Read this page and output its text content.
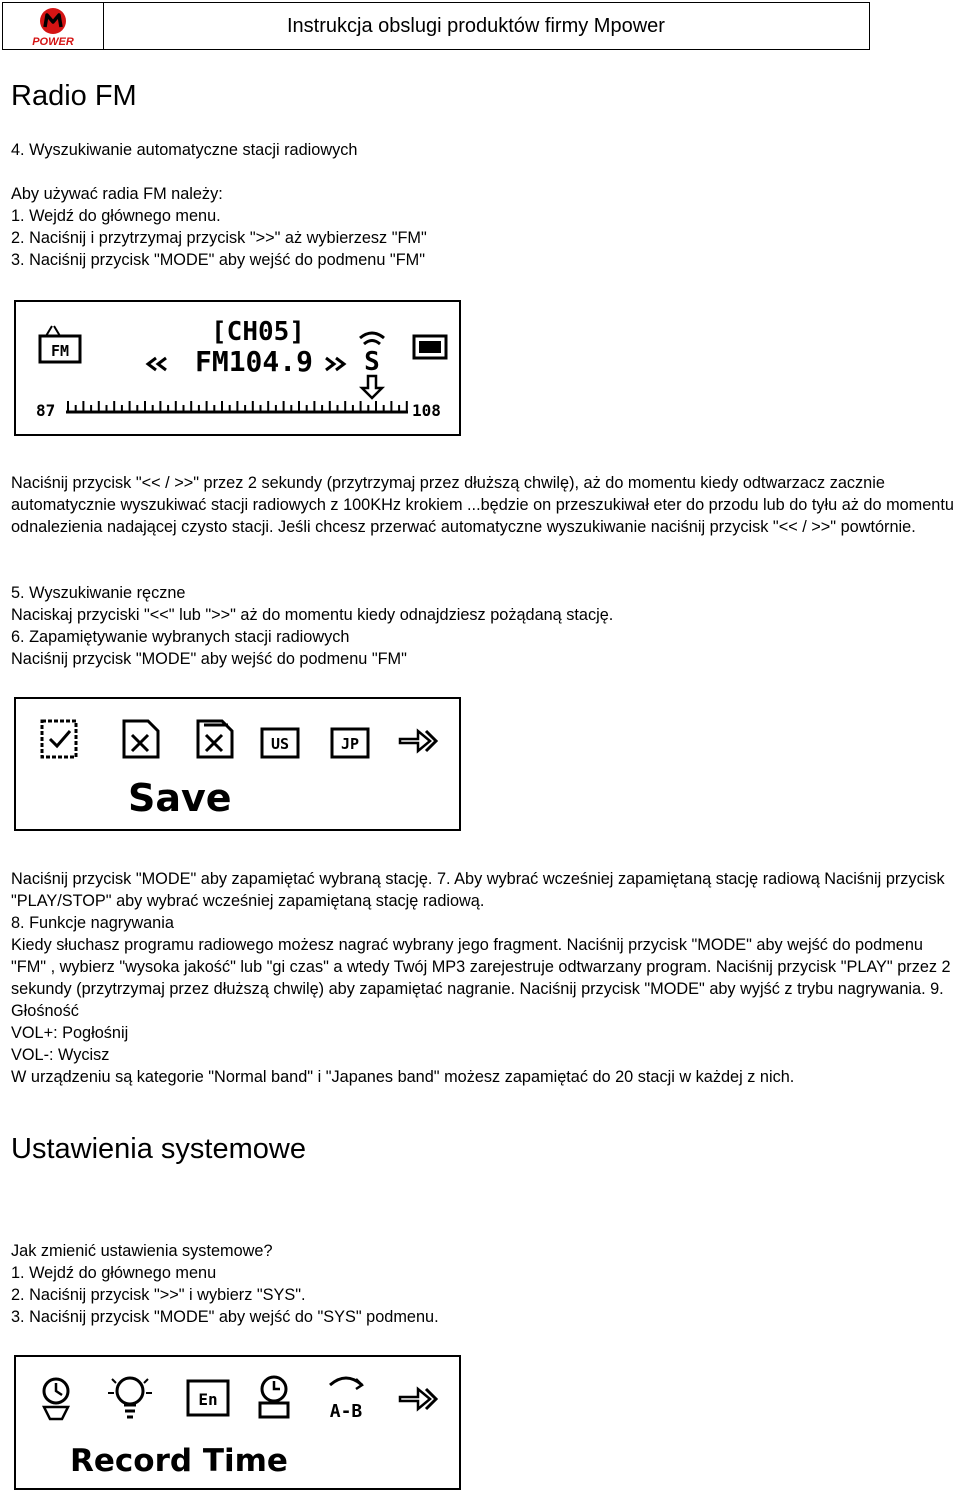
POWER
Instrukcja obslugi produktów firmy Mpower
Radio FM
4. Wyszukiwanie automatyczne stacji radiowych
Aby używać radia FM należy:
1. Wejdź do głównego menu.
2. Naciśnij i przytrzymaj przycisk ">>" aż wybierzesz "FM"
3. Naciśnij przycisk "MODE" aby wejść do podmenu "FM"
FM
[CH05]
FM104.9 S
87	108
Naciśnij przycisk "<< / >>" przez 2 sekundy (przytrzymaj przez dłuższą chwilę), aż do momentu kiedy odtwarzacz zacznie automatycznie wyszukiwać stacji radiowych z 100KHz krokiem ...będzie on przeszukiwał eter do przodu lub do tyłu aż do momentu odnalezienia nadającej czysto stacji. Jeśli chcesz przerwać automatyczne wyszukiwanie naciśnij przycisk "<< / >>" powtórnie.
5. Wyszukiwanie ręczne
Naciskaj przyciski "<<" lub ">>" aż do momentu kiedy odnajdziesz pożądaną stację.
6. Zapamiętywanie wybranych stacji radiowych
Naciśnij przycisk "MODE" aby wejść do podmenu "FM"
US	JP
Save
Naciśnij przycisk "MODE" aby zapamiętać wybraną stację. 7. Aby wybrać wcześniej zapamiętaną stację radiową Naciśnij przycisk "PLAY/STOP" aby wybrać wcześniej zapamiętaną stację radiową.
8. Funkcje nagrywania
Kiedy słuchasz programu radiowego możesz nagrać wybrany jego fragment. Naciśnij przycisk "MODE" aby wejść do podmenu "FM" , wybierz "wysoka jakość" lub "gi czas" a wtedy Twój MP3 zarejestruje odtwarzany program. Naciśnij przycisk "PLAY" przez 2 sekundy (przytrzymaj przez dłuższą chwilę) aby zapamiętać nagranie. Naciśnij przycisk "MODE" aby wyjść z trybu nagrywania. 9. Głośność
VOL+: Pogłośnij
VOL-: Wycisz
W urządzeniu są kategorie "Normal band" i "Japanes band" możesz zapamiętać do 20 stacji w każdej z nich.
Ustawienia systemowe
Jak zmienić ustawienia systemowe?
1. Wejdź do głównego menu
2. Naciśnij przycisk ">>" i wybierz "SYS".
3. Naciśnij przycisk "MODE" aby wejść do "SYS" podmenu.
En
A-B
Record Time
